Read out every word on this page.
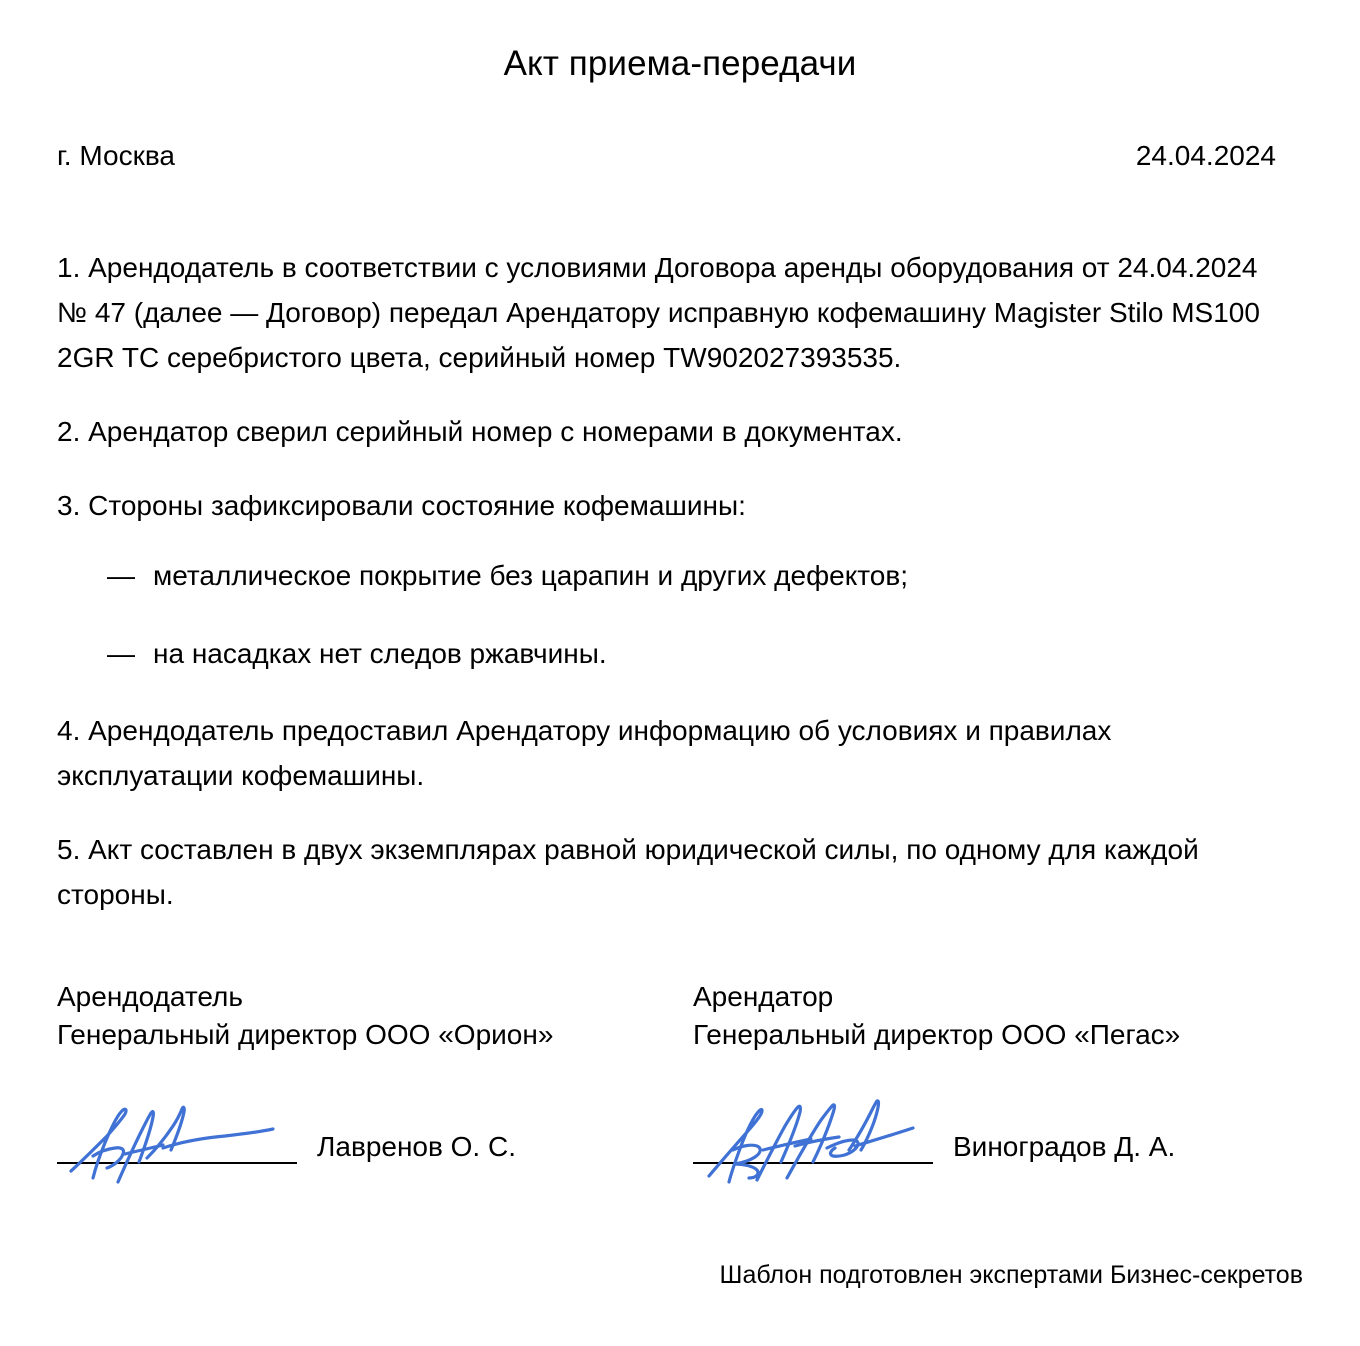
Акт приема-передачи
г. Москва	24.04.2024

1. Арендодатель в соответствии с условиями Договора аренды оборудования от 24.04.2024 № 47 (далее — Договор) передал Арендатору исправную кофемашину Magister Stilo MS100 2GR TC серебристого цвета, серийный номер TW902027393535.

2. Арендатор сверил серийный номер с номерами в документах.

3. Стороны зафиксировали состояние кофемашины:

— металлическое покрытие без царапин и других дефектов;
— на насадках нет следов ржавчины.

4. Арендодатель предоставил Арендатору информацию об условиях и правилах эксплуатации кофемашины.

5. Акт составлен в двух экземплярах равной юридической силы, по одному для каждой стороны.

Арендодатель
Генеральный директор ООО «Орион»
Лавренов О. С.
Арендатор
Генеральный директор ООО «Пегас»
Виноградов Д. А.
Шаблон подготовлен экспертами Бизнес-секретов
